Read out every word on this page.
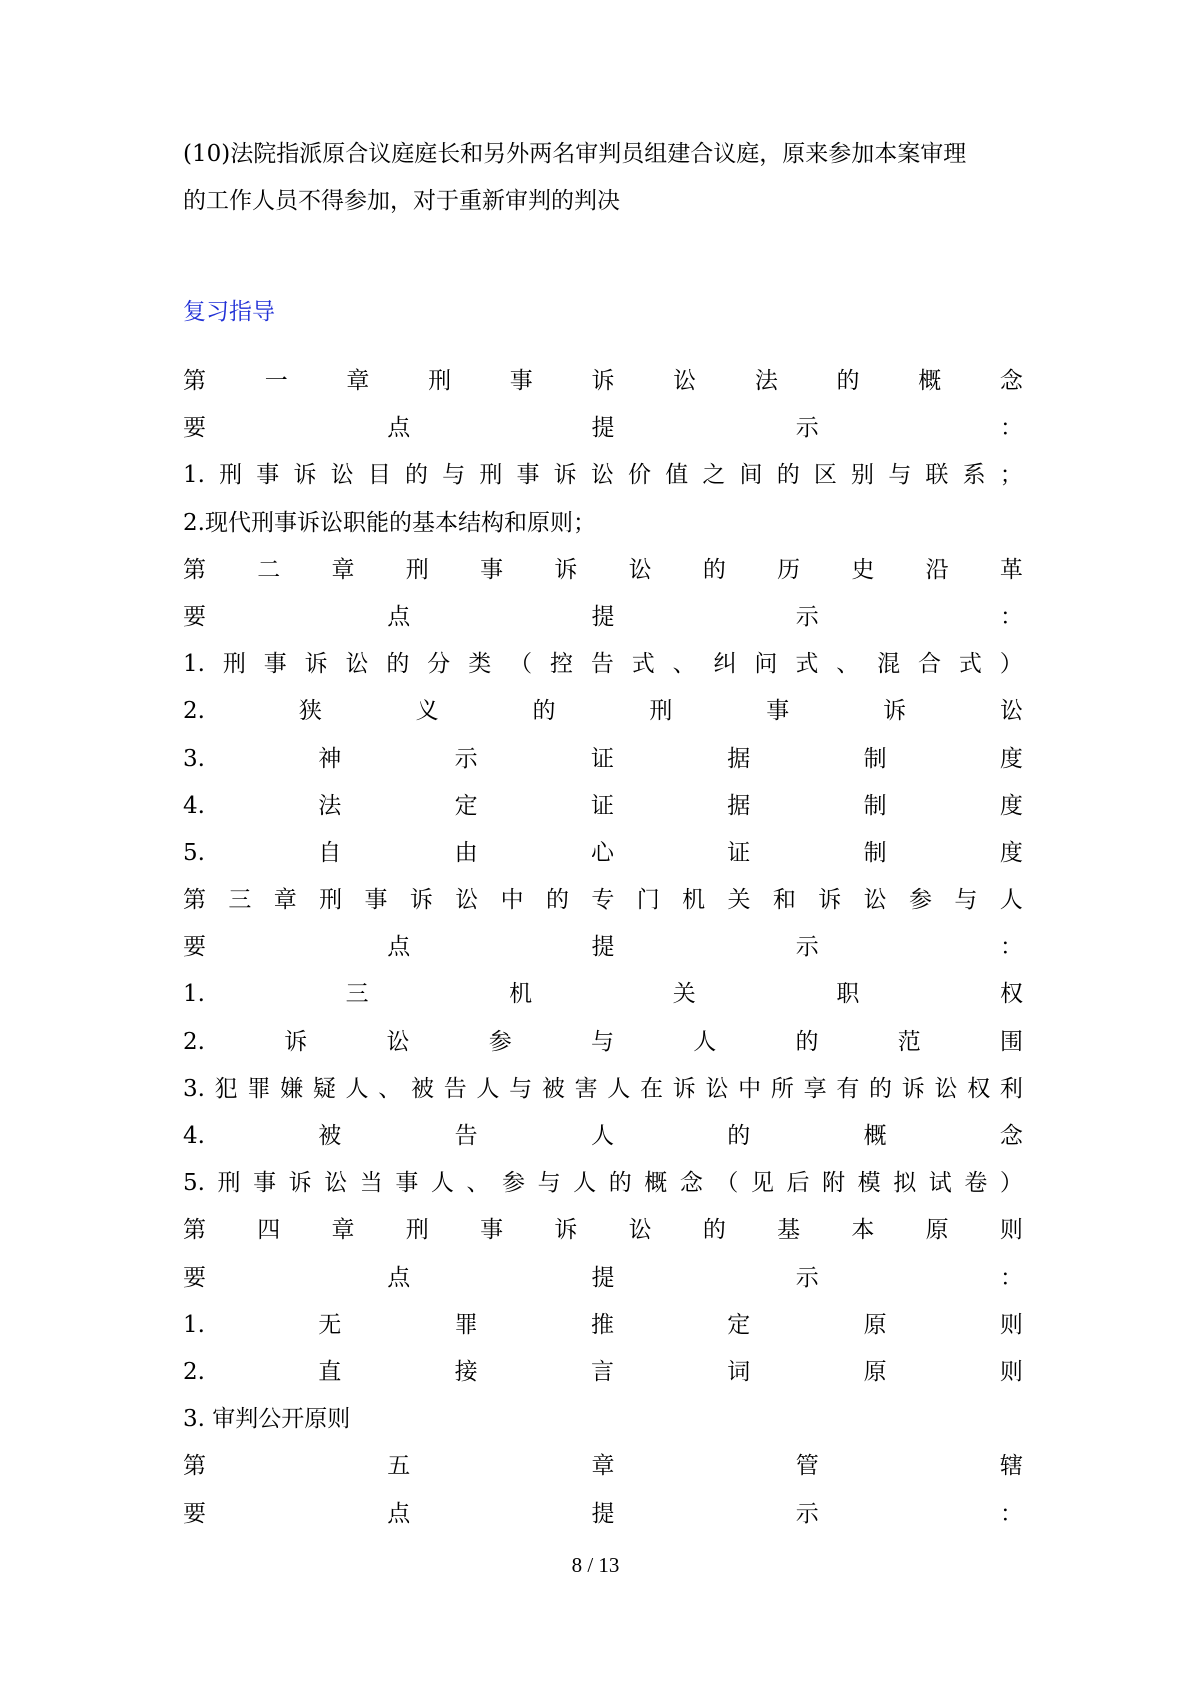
(10)法院指派原合议庭庭长和另外两名审判员组建合议庭，原来参加本案审理
的工作人员不得参加，对于重新审判的判决
复习指导
第	一	章	刑	事	诉	讼	法	的	概	念
要	点	提	示	：
1. 刑 事 诉 讼 目 的 与 刑 事 诉 讼 价 值 之 间 的 区 别 与 联 系 ；
2.现代刑事诉讼职能的基本结构和原则；
第 二 章 刑 事 诉 讼 的 历 史 沿 革
要	点	提	示	：
1. 刑 事 诉 讼 的 分 类 （ 控 告 式 、 纠 问 式 、 混 合 式 ）
2.	狭	义	的	刑	事	诉	讼
3.	神	示	证	据	制	度
4.	法	定	证	据	制	度
5.	自	由	心	证	制	度
第 三 章 刑 事 诉 讼 中 的 专 门 机 关 和 诉 讼 参 与 人
要	点	提	示	：
1.	三	机	关	职	权
2.	诉	讼	参	与	人	的	范	围
3. 犯 罪 嫌 疑 人 、 被 告 人 与 被 害 人 在 诉 讼 中 所 享 有 的 诉 讼 权 利
4.	被	告	人	的	概	念
5. 刑 事 诉 讼 当 事 人 、 参 与 人 的 概 念 （ 见 后 附 模 拟 试 卷 ）
第 四 章 刑 事 诉 讼 的 基 本 原 则
要	点	提	示	：
1.	无	罪	推	定	原	则
2.	直	接	言	词	原	则
3. 审判公开原则
第	五	章	管	辖
要	点	提	示	：
8 / 13
